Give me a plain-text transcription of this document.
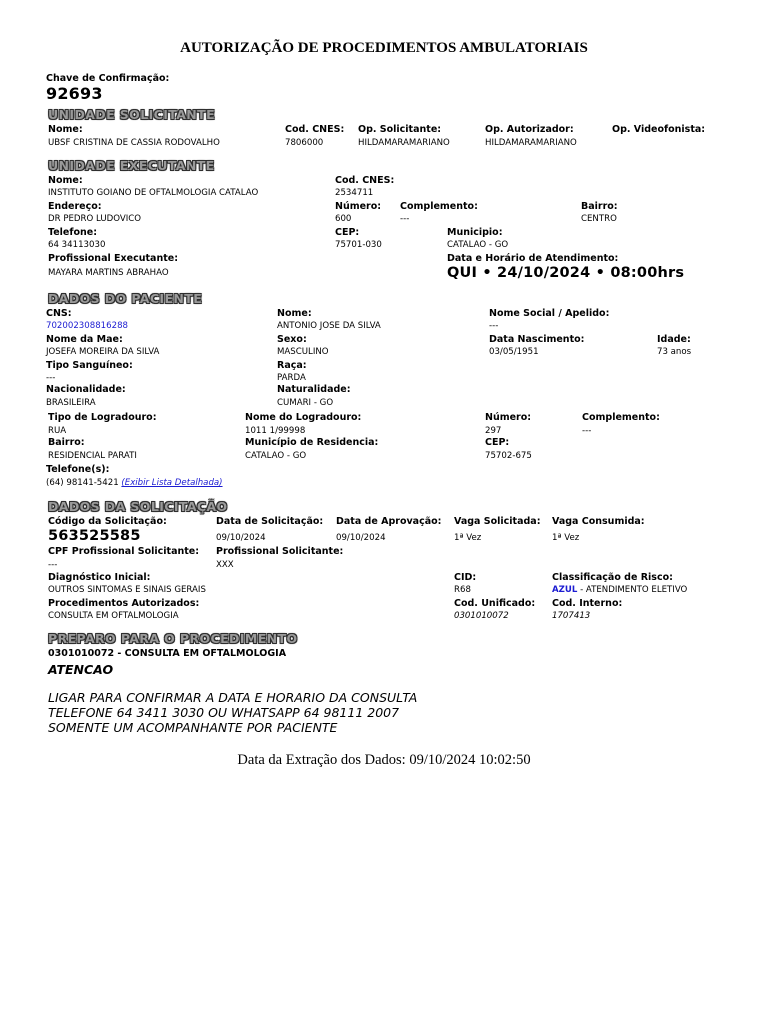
AUTORIZAÇÃO DE PROCEDIMENTOS AMBULATORIAIS
Chave de Confirmação:
92693
UNIDADE SOLICITANTE
Nome:
UBSF CRISTINA DE CASSIA RODOVALHO
Cod. CNES:
7806000
Op. Solicitante:
HILDAMARAMARIANO
Op. Autorizador:
HILDAMARAMARIANO
Op. Videofonista:
UNIDADE EXECUTANTE
Nome:
INSTITUTO GOIANO DE OFTALMOLOGIA CATALAO
Cod. CNES:
2534711
Endereço:
DR PEDRO LUDOVICO
Número:
600
Complemento:
---
Bairro:
CENTRO
Telefone:
64 34113030
CEP:
75701-030
Municipio:
CATALAO - GO
Profissional Executante:
MAYARA MARTINS ABRAHAO
Data e Horário de Atendimento:
QUI • 24/10/2024 • 08:00hrs
DADOS DO PACIENTE
CNS:
702002308816288
Nome:
ANTONIO JOSE DA SILVA
Nome Social / Apelido:
---
Nome da Mae:
JOSEFA MOREIRA DA SILVA
Sexo:
MASCULINO
Data Nascimento:
03/05/1951
Idade:
73 anos
Tipo Sanguíneo:
---
Raça:
PARDA
Nacionalidade:
BRASILEIRA
Naturalidade:
CUMARI - GO
Tipo de Logradouro:
RUA
Nome do Logradouro:
1011 1/99998
Número:
297
Complemento:
---
Bairro:
RESIDENCIAL PARATI
Município de Residencia:
CATALAO - GO
CEP:
75702-675
Telefone(s):
(64) 98141-5421 (Exibir Lista Detalhada)
DADOS DA SOLICITAÇÃO
Código da Solicitação:
563525585
Data de Solicitação:
09/10/2024
Data de Aprovação:
09/10/2024
Vaga Solicitada:
1ª Vez
Vaga Consumida:
1ª Vez
CPF Profissional Solicitante:
---
Profissional Solicitante:
XXX
Diagnóstico Inicial:
OUTROS SINTOMAS E SINAIS GERAIS
CID:
R68
Classificação de Risco:
AZUL - ATENDIMENTO ELETIVO
Procedimentos Autorizados:
CONSULTA EM OFTALMOLOGIA
Cod. Unificado:
0301010072
Cod. Interno:
1707413
PREPARO PARA O PROCEDIMENTO
0301010072 - CONSULTA EM OFTALMOLOGIA
ATENCAO
LIGAR PARA CONFIRMAR A DATA E HORARIO DA CONSULTA
TELEFONE 64 3411 3030 OU WHATSAPP 64 98111 2007
SOMENTE UM ACOMPANHANTE POR PACIENTE
Data da Extração dos Dados: 09/10/2024 10:02:50
